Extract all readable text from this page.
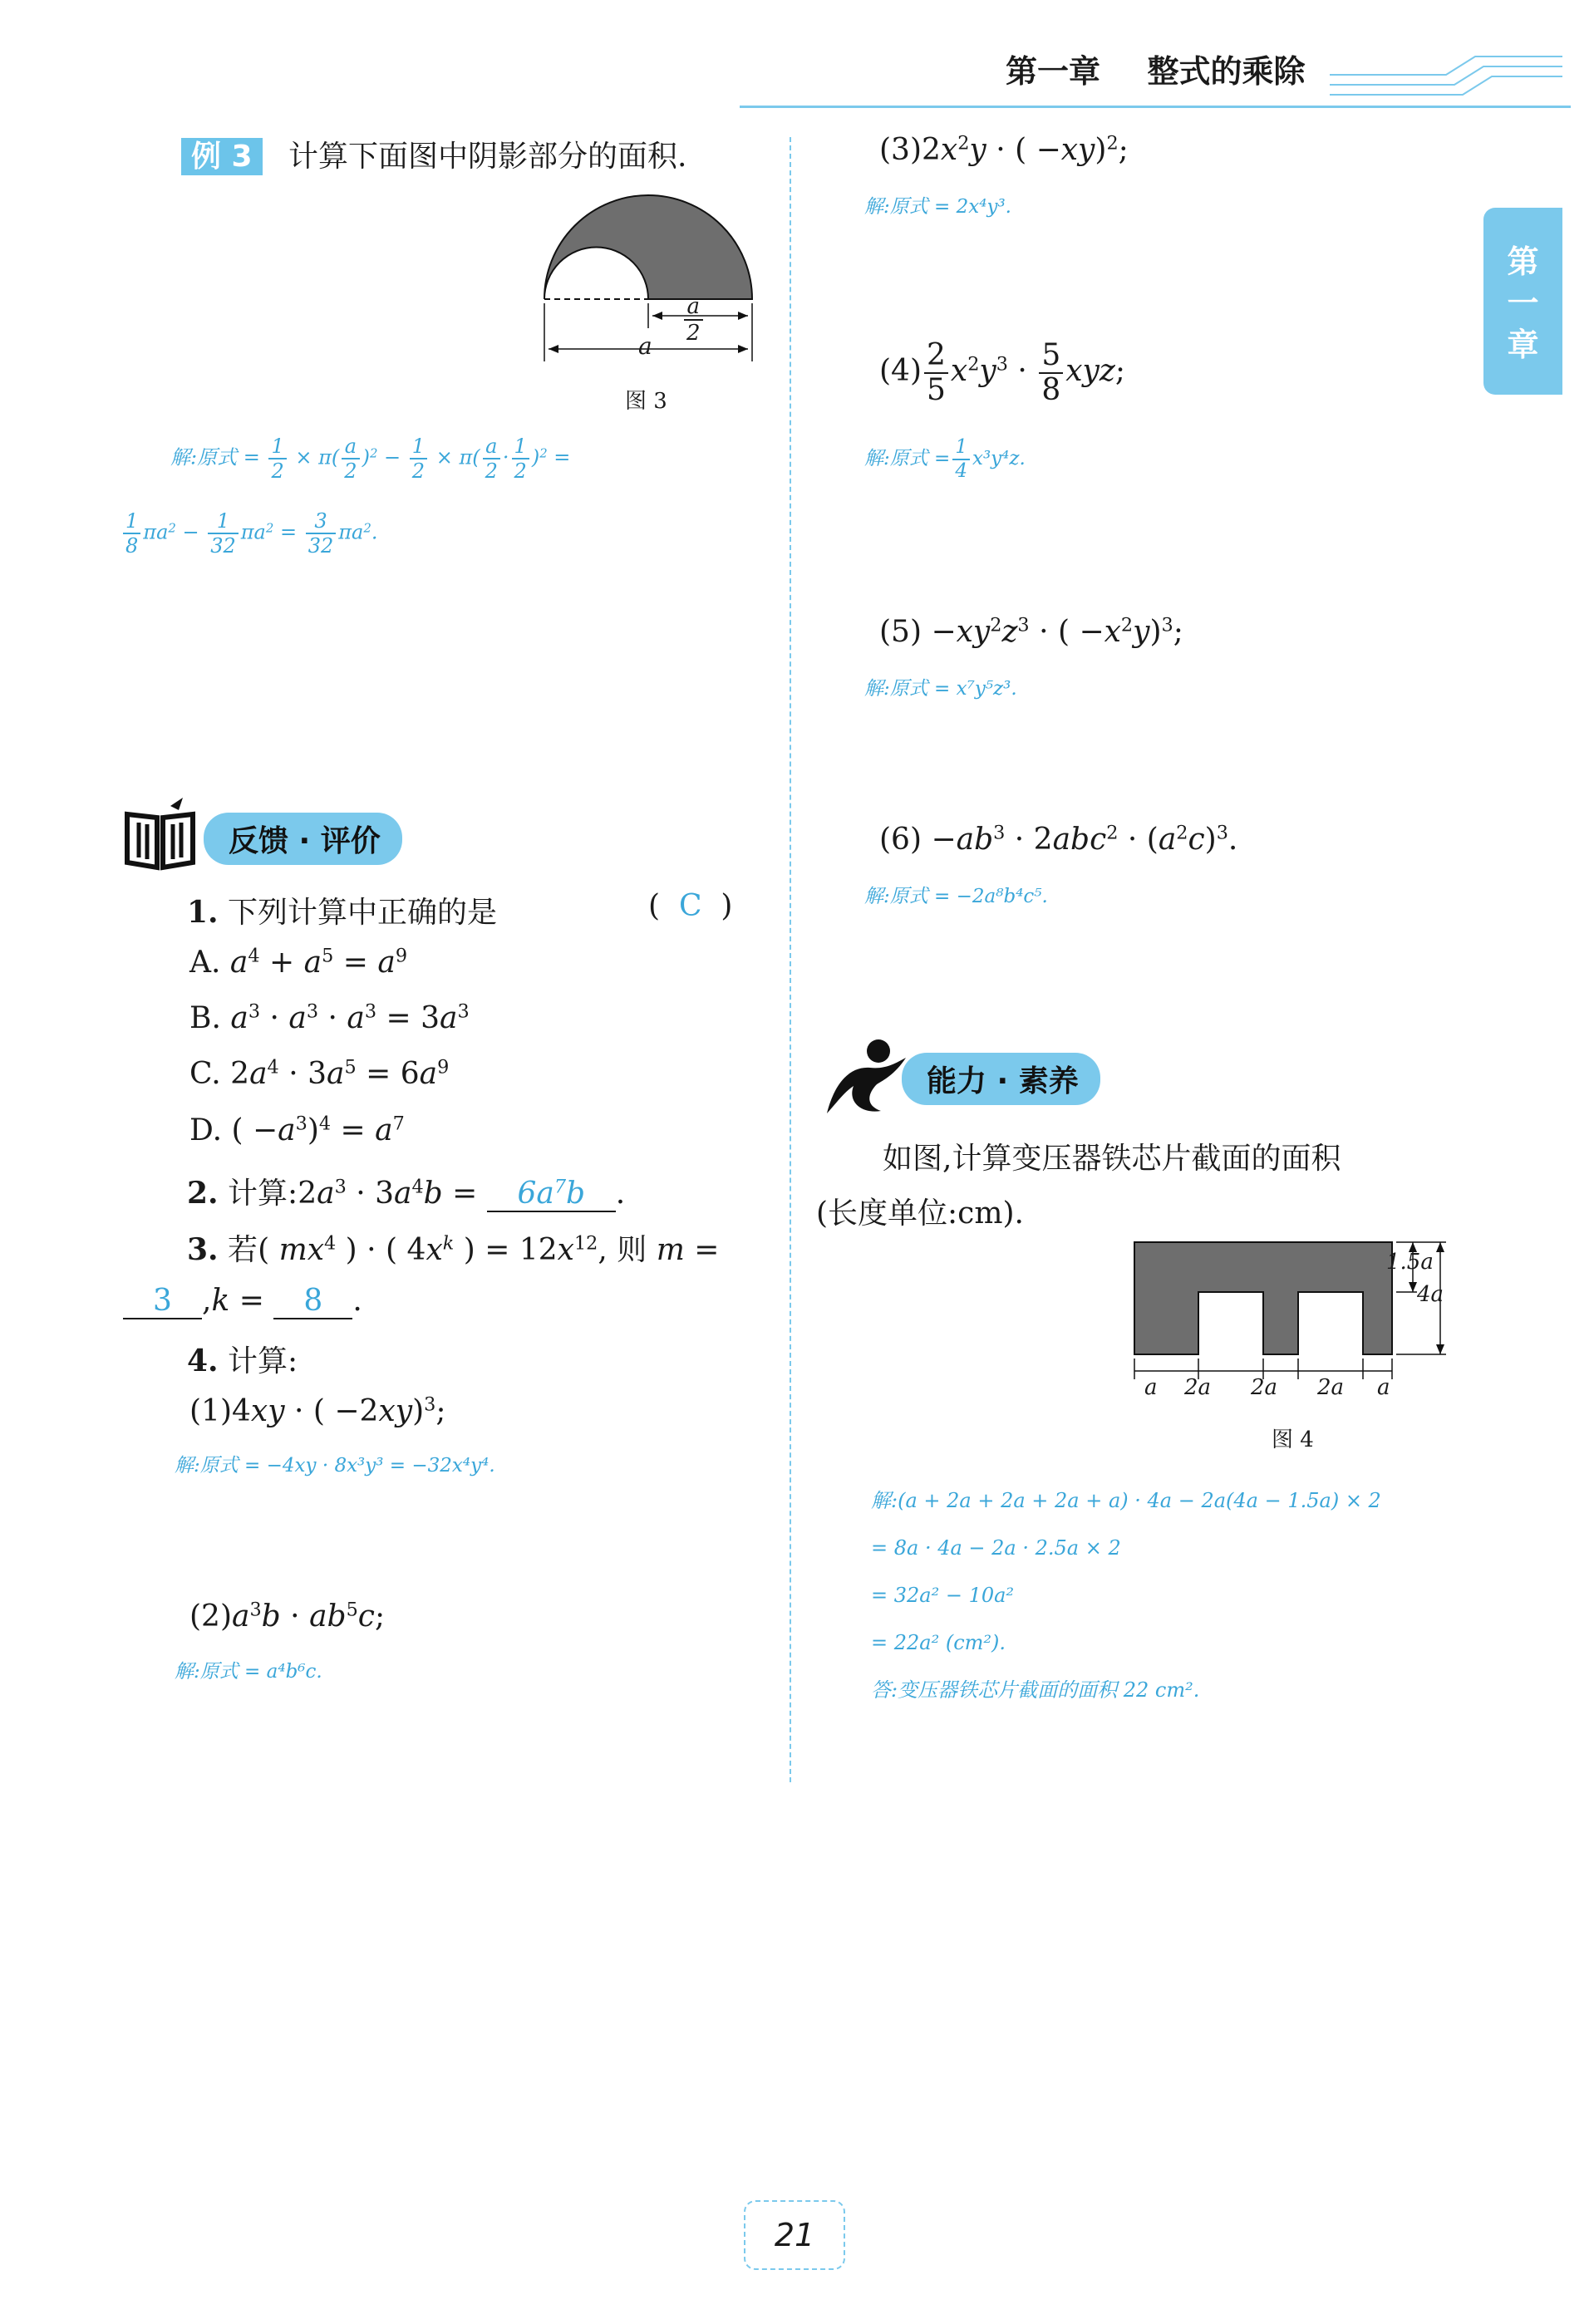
第一章 整式的乘除
第
一
章
例 3 计算下面图中阴影部分的面积.
$\frac{a}{2}$
a
图 3
解:原式 = $\frac{1}{2} \times \pi( \frac{a}{2} )^2 - \frac{1}{2} \times \pi( \frac{a}{2} \cdot \frac{1}{2} )^2$ =
$\frac{1}{8} \pi a^2 - \frac{1}{32} \pi a^2 = \frac{3}{32} \pi a^2$.
反馈 · 评价
1. 下列计算中正确的是	(  C  )
A. $a^4 + a^5 = a^9$
B. $a^3 \cdot a^3 \cdot a^3 = 3a^3$
C. $2a^4 \cdot 3a^5 = 6a^9$
D. ( $-a^3)^4 = a^7$
2. 计算$:2a^3 \cdot 3a^4b = 6a^7b$ .
3. 若( $mx^4$ ) · ( $4x^k$ ) = $12x^{12}$, 则 m =
3 ,k = 8 .
4. 计算:
(1)4xy · ( −2xy)$^3$;
解:原式 = −4xy · 8x³y³ = −32x⁴y⁴.
$(2)a^3b \cdot ab^5c$;
解:原式 = a⁴b⁶c.
$(3)2x^2y$ · ( −xy)$^2$;
解:原式 = 2x⁴y³.
$(4) \frac{2}{5} x^2y^3 \cdot \frac{5}{8}$ xyz;
解:原式 = $\frac{1}{4} x^3y^4z$.
$(5) -xy^2z^3$ · ( $-x^2y)^3$;
解:原式 = x⁷y⁵z³.
$(6) -ab^3 \cdot 2abc^2 \cdot (a^2c)^3$.
解:原式 = −2a⁸b⁴c⁵.
能力 · 素养
如图,计算变压器铁芯片截面的面积
(长度单位:cm).
1.5a
4a
a 2a 2a 2a a
图 4
解:(a + 2a + 2a + 2a + a) · 4a − 2a(4a − 1.5a) × 2
= 8a · 4a − 2a · 2.5a × 2
= 32a² − 10a²
= 22a² (cm²).
答:变压器铁芯片截面的面积 22 cm².
21
